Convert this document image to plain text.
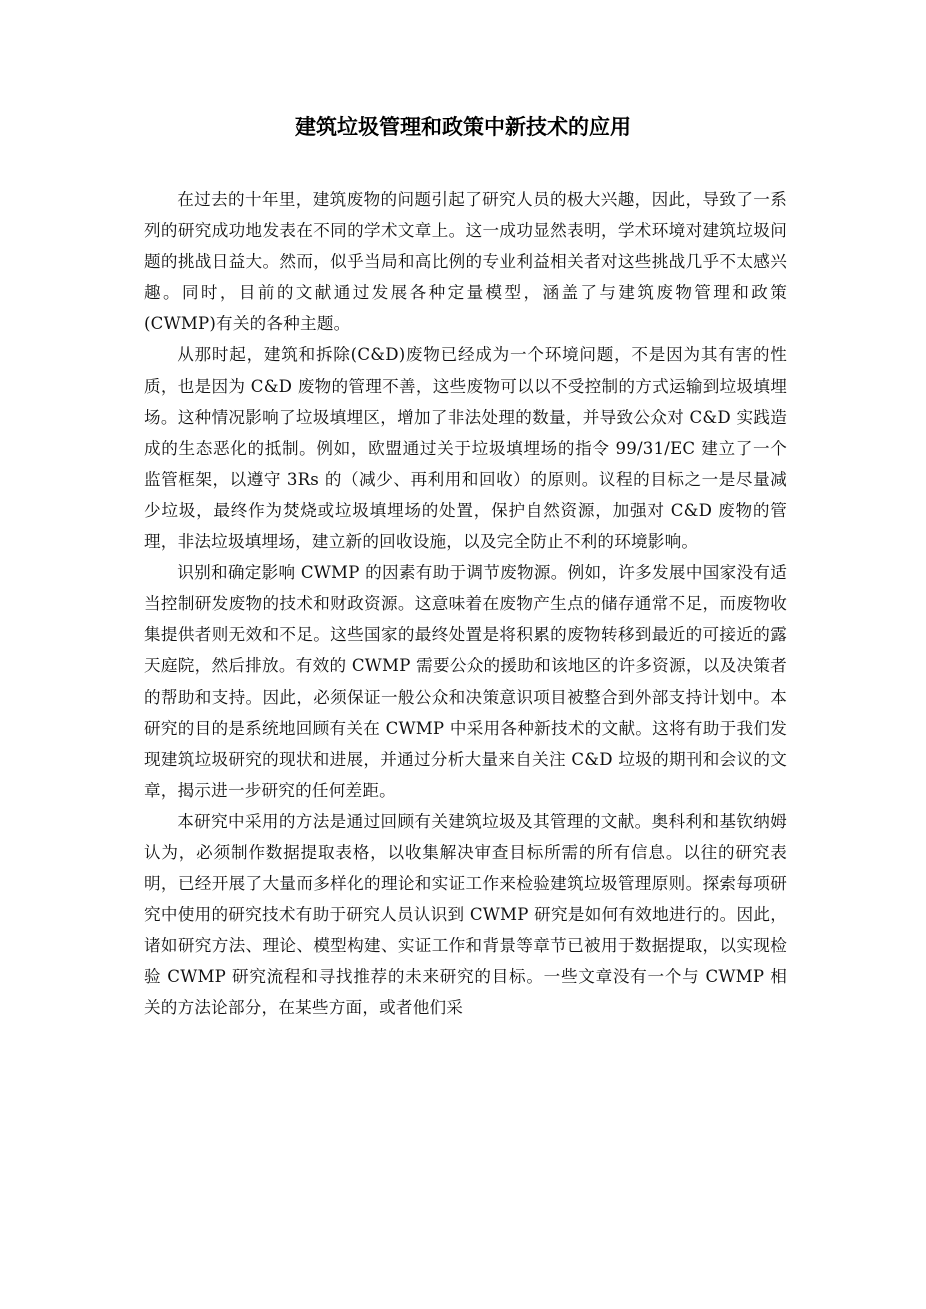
建筑垃圾管理和政策中新技术的应用

在过去的十年里，建筑废物的问题引起了研究人员的极大兴趣，因此，导致了一系列的研究成功地发表在不同的学术文章上。这一成功显然表明，学术环境对建筑垃圾问题的挑战日益大。然而，似乎当局和高比例的专业利益相关者对这些挑战几乎不太感兴趣。同时，目前的文献通过发展各种定量模型，涵盖了与建筑废物管理和政策(CWMP)有关的各种主题。

从那时起，建筑和拆除(C&D)废物已经成为一个环境问题，不是因为其有害的性质，也是因为 C&D 废物的管理不善，这些废物可以以不受控制的方式运输到垃圾填埋场。这种情况影响了垃圾填埋区，增加了非法处理的数量，并导致公众对 C&D 实践造成的生态恶化的抵制。例如，欧盟通过关于垃圾填埋场的指令 99/31/EC 建立了一个监管框架，以遵守 3Rs 的（减少、再利用和回收）的原则。议程的目标之一是尽量减少垃圾，最终作为焚烧或垃圾填埋场的处置，保护自然资源，加强对 C&D 废物的管理，非法垃圾填埋场，建立新的回收设施，以及完全防止不利的环境影响。

识别和确定影响 CWMP 的因素有助于调节废物源。例如，许多发展中国家没有适当控制研发废物的技术和财政资源。这意味着在废物产生点的储存通常不足，而废物收集提供者则无效和不足。这些国家的最终处置是将积累的废物转移到最近的可接近的露天庭院，然后排放。有效的 CWMP 需要公众的援助和该地区的许多资源，以及决策者的帮助和支持。因此，必须保证一般公众和决策意识项目被整合到外部支持计划中。本研究的目的是系统地回顾有关在 CWMP 中采用各种新技术的文献。这将有助于我们发现建筑垃圾研究的现状和进展，并通过分析大量来自关注 C&D 垃圾的期刊和会议的文章，揭示进一步研究的任何差距。

本研究中采用的方法是通过回顾有关建筑垃圾及其管理的文献。奥科利和基钦纳姆认为，必须制作数据提取表格，以收集解决审查目标所需的所有信息。以往的研究表明，已经开展了大量而多样化的理论和实证工作来检验建筑垃圾管理原则。探索每项研究中使用的研究技术有助于研究人员认识到 CWMP 研究是如何有效地进行的。因此，诸如研究方法、理论、模型构建、实证工作和背景等章节已被用于数据提取，以实现检验 CWMP 研究流程和寻找推荐的未来研究的目标。一些文章没有一个与 CWMP 相关的方法论部分，在某些方面，或者他们采
